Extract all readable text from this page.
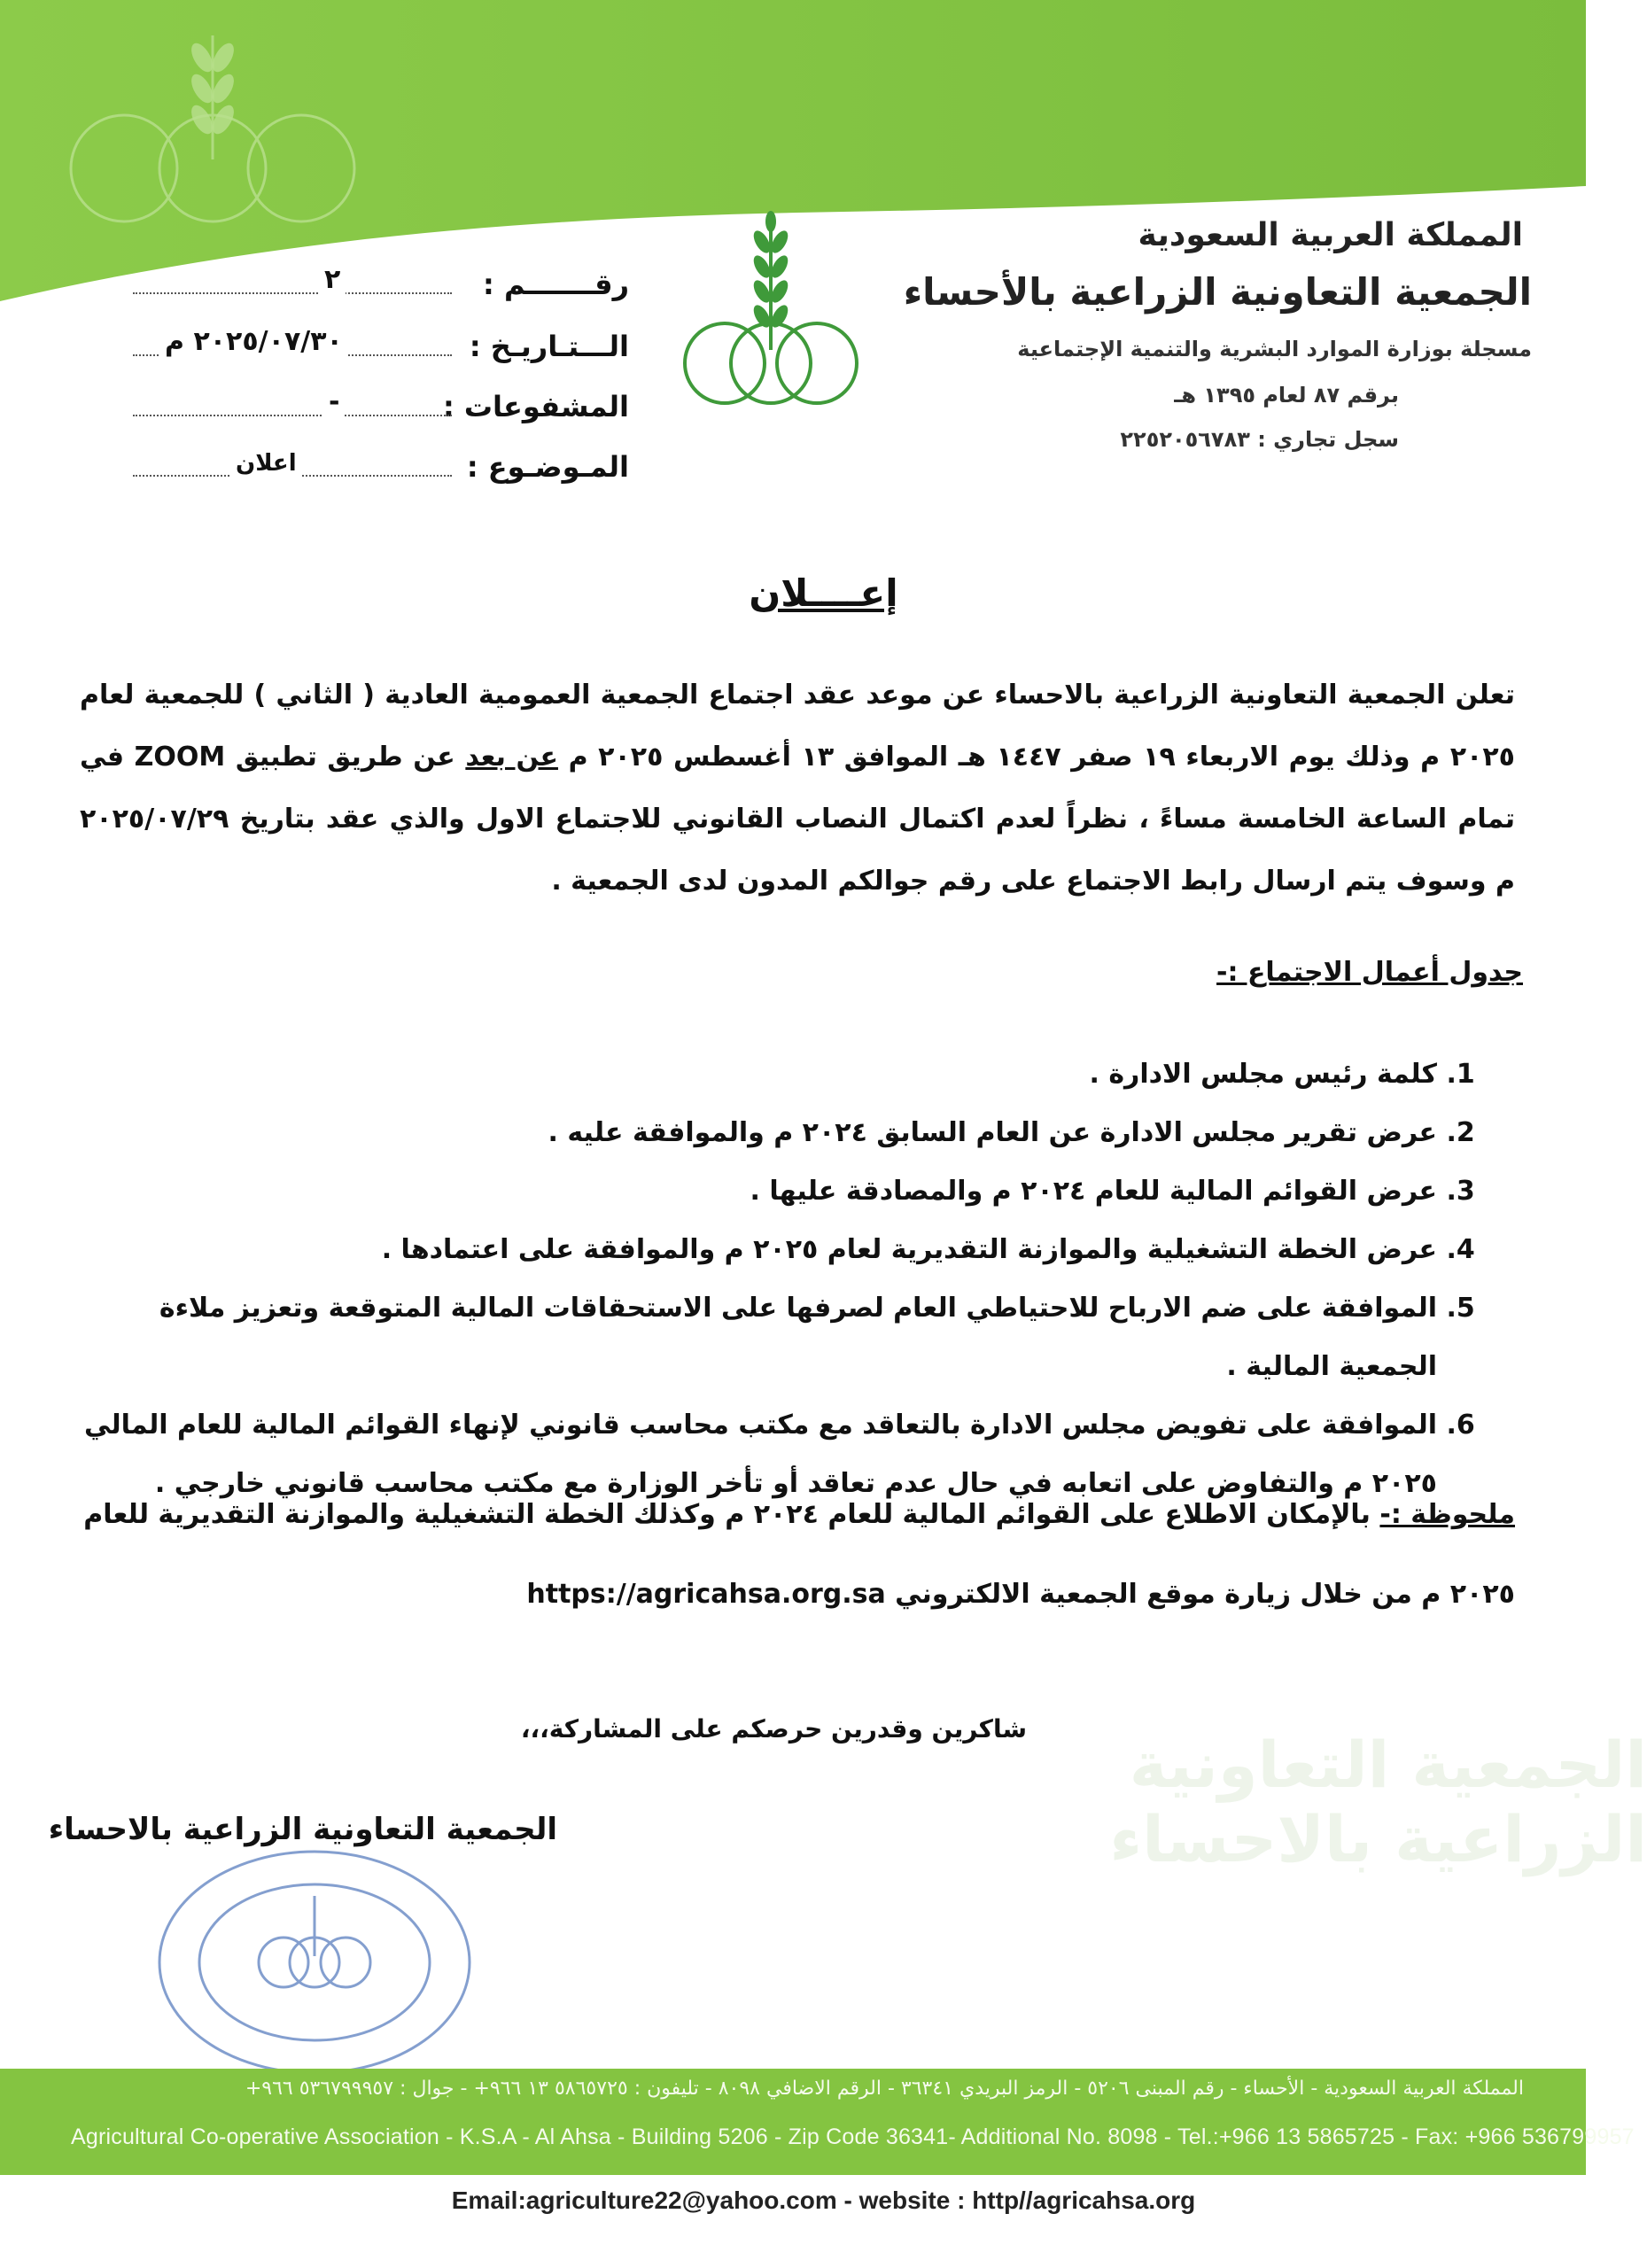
المملكة العربية السعودية
الجمعية التعاونية الزراعية بالأحساء
مسجلة بوزارة الموارد البشرية والتنمية الإجتماعية
برقم ٨٧ لعام ١٣٩٥ هـ
سجل تجاري : ٢٢٥٢٠٥٦٧٨٣
رقـــــــم :
٢
الـــتـاريـخ :
٢٠٢٥/٠٧/٣٠ م
المشفوعات :
-
المـوضـوع :
اعلان
الجمعية التعاونية الزراعية بالاحساء
إعــــلان
تعلن الجمعية التعاونية الزراعية بالاحساء عن موعد عقد اجتماع الجمعية العمومية العادية ( الثاني ) للجمعية لعام ٢٠٢٥ م وذلك يوم الاربعاء ١٩ صفر ١٤٤٧ هـ الموافق ١٣ أغسطس ٢٠٢٥ م عن بعد عن طريق تطبيق ZOOM في تمام الساعة الخامسة مساءً ، نظراً لعدم اكتمال النصاب القانوني للاجتماع الاول والذي عقد بتاريخ ٢٠٢٥/٠٧/٢٩ م وسوف يتم ارسال رابط الاجتماع على رقم جوالكم المدون لدى الجمعية .
جدول أعمال الاجتماع :-
1. كلمة رئيس مجلس الادارة .
2. عرض تقرير مجلس الادارة عن العام السابق ٢٠٢٤ م والموافقة عليه .
3. عرض القوائم المالية للعام ٢٠٢٤ م والمصادقة عليها .
4. عرض الخطة التشغيلية والموازنة التقديرية لعام ٢٠٢٥ م والموافقة على اعتمادها .
5. الموافقة على ضم الارباح للاحتياطي العام لصرفها على الاستحقاقات المالية المتوقعة وتعزيز ملاءة الجمعية المالية .
6. الموافقة على تفويض مجلس الادارة بالتعاقد مع مكتب محاسب قانوني لإنهاء القوائم المالية للعام المالي ٢٠٢٥ م والتفاوض على اتعابه في حال عدم تعاقد أو تأخر الوزارة مع مكتب محاسب قانوني خارجي .
ملحوظة :- بالإمكان الاطلاع على القوائم المالية للعام ٢٠٢٤ م وكذلك الخطة التشغيلية والموازنة التقديرية للعام ٢٠٢٥ م من خلال زيارة موقع الجمعية الالكتروني https://agricahsa.org.sa
شاكرين وقدرين حرصكم على المشاركة،،،
الجمعية التعاونية الزراعية بالاحساء
المملكة العربية السعودية - الأحساء - رقم المبنى ٥٢٠٦ - الرمز البريدي ٣٦٣٤١ - الرقم الاضافي ٨٠٩٨ - تليفون : ٥٨٦٥٧٢٥ ١٣ ٩٦٦+ - جوال : ٥٣٦٧٩٩٩٥٧ ٩٦٦+
Agricultural Co-operative Association - K.S.A - Al Ahsa - Building 5206 - Zip Code 36341- Additional No. 8098 - Tel.:+966 13 5865725 - Fax: +966 536799957
Email:agriculture22@yahoo.com - website : http//agricahsa.org
